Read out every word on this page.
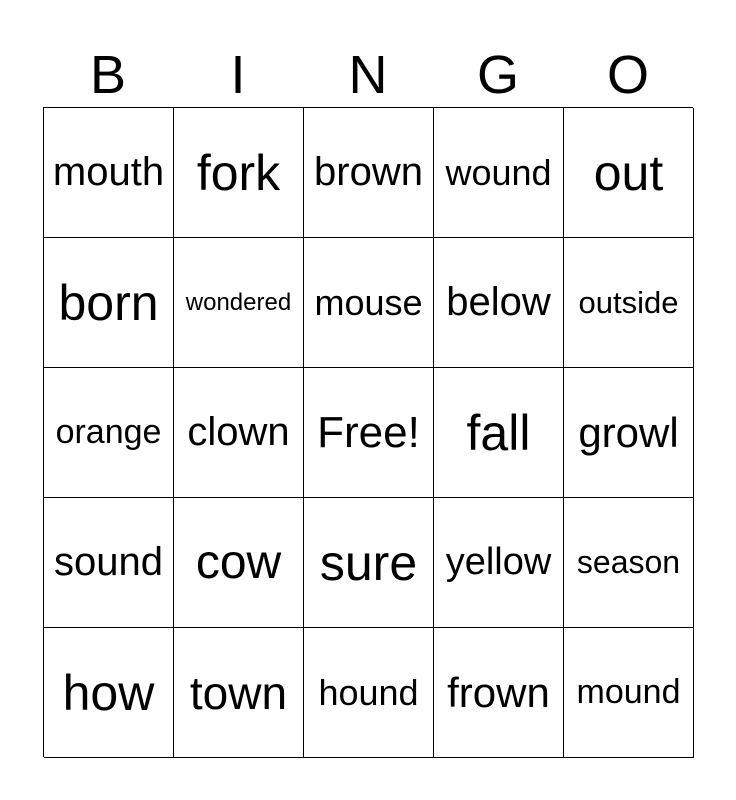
B	I	N	G	O
mouth fork brown wound out
born	wondered mouse below outside
orange clown Free! fall	growl
sound cow sure yellow season
how town hound frown mound
